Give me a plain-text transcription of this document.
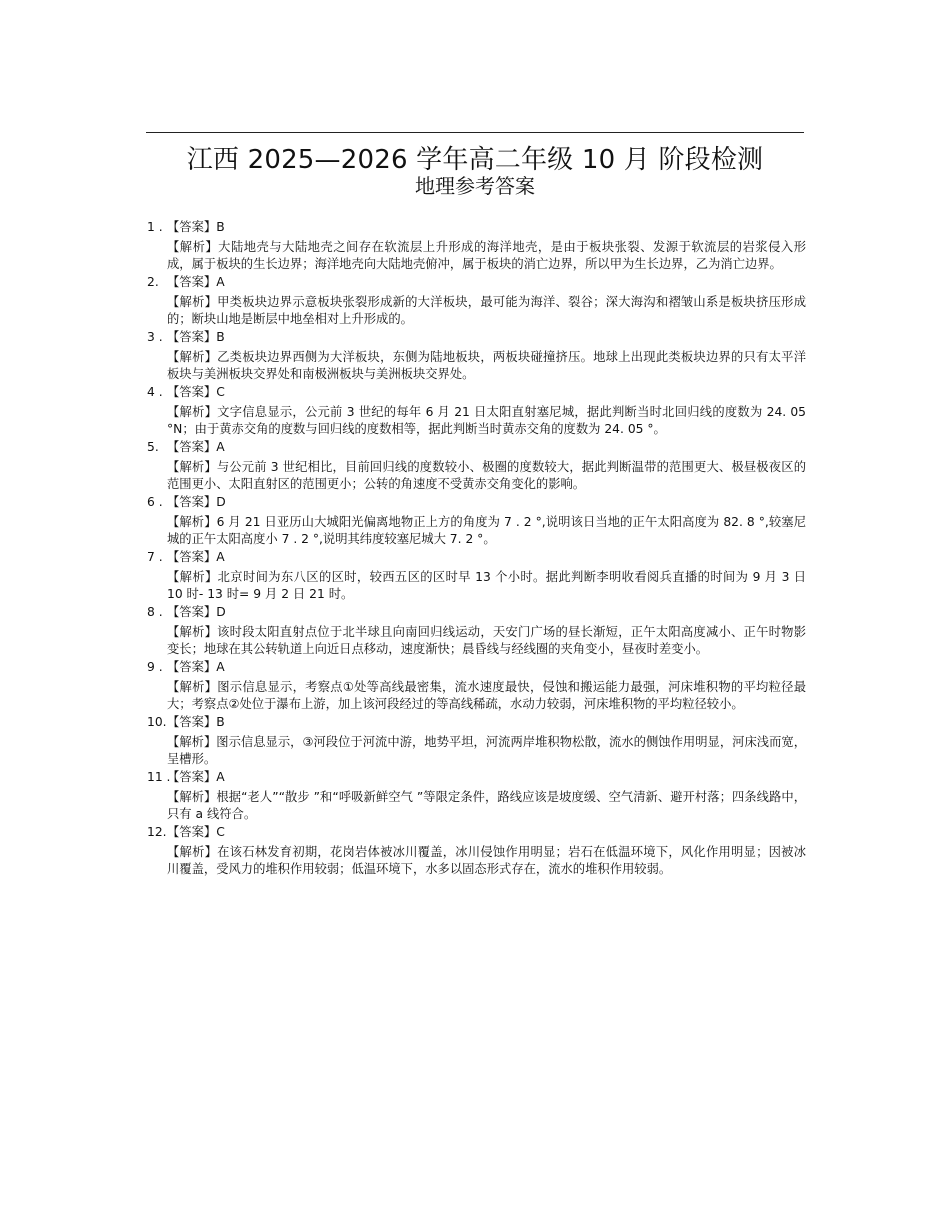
江西 2025—2026 学年高二年级 10 月 阶段检测
地理参考答案
1 . 【答案】B

【解析】大陆地壳与大陆地壳之间存在软流层上升形成的海洋地壳，是由于板块张裂、发源于软流层的岩浆侵入形成，属于板块的生长边界；海洋地壳向大陆地壳俯冲，属于板块的消亡边界，所以甲为生长边界，乙为消亡边界。

2. 【答案】A

【解析】甲类板块边界示意板块张裂形成新的大洋板块，最可能为海洋、裂谷；深大海沟和褶皱山系是板块挤压形成的；断块山地是断层中地垒相对上升形成的。

3 . 【答案】B

【解析】乙类板块边界西侧为大洋板块，东侧为陆地板块，两板块碰撞挤压。地球上出现此类板块边界的只有太平洋板块与美洲板块交界处和南极洲板块与美洲板块交界处。

4 . 【答案】C

【解析】文字信息显示，公元前 3 世纪的每年 6 月 21 日太阳直射塞尼城，据此判断当时北回归线的度数为 24. 05 °N；由于黄赤交角的度数与回归线的度数相等，据此判断当时黄赤交角的度数为 24. 05 °。

5. 【答案】A

【解析】与公元前 3 世纪相比，目前回归线的度数较小、极圈的度数较大，据此判断温带的范围更大、极昼极夜区的范围更小、太阳直射区的范围更小；公转的角速度不受黄赤交角变化的影响。

6 . 【答案】D

【解析】6 月 21 日亚历山大城阳光偏离地物正上方的角度为 7 . 2 °,说明该日当地的正午太阳高度为 82. 8 °,较塞尼城的正午太阳高度小 7 . 2 °,说明其纬度较塞尼城大 7. 2 °。

7 . 【答案】A

【解析】北京时间为东八区的区时，较西五区的区时早 13 个小时。据此判断李明收看阅兵直播的时间为 9 月 3 日 10 时- 13 时= 9 月 2 日 21 时。

8 . 【答案】D

【解析】该时段太阳直射点位于北半球且向南回归线运动，天安门广场的昼长渐短，正午太阳高度减小、正午时物影变长；地球在其公转轨道上向近日点移动，速度渐快；晨昏线与经线圈的夹角变小，昼夜时差变小。

9 . 【答案】A

【解析】图示信息显示，考察点①处等高线最密集，流水速度最快，侵蚀和搬运能力最强，河床堆积物的平均粒径最大；考察点②处位于瀑布上游，加上该河段经过的等高线稀疏，水动力较弱，河床堆积物的平均粒径较小。

10.【答案】B

【解析】图示信息显示，③河段位于河流中游，地势平坦，河流两岸堆积物松散，流水的侧蚀作用明显，河床浅而宽，呈槽形。

11 .【答案】A

【解析】根据“老人”“散步 ”和“呼吸新鲜空气 ”等限定条件，路线应该是坡度缓、空气清新、避开村落；四条线路中，只有 a 线符合。

12.【答案】C

【解析】在该石林发育初期，花岗岩体被冰川覆盖，冰川侵蚀作用明显；岩石在低温环境下，风化作用明显；因被冰川覆盖，受风力的堆积作用较弱；低温环境下，水多以固态形式存在，流水的堆积作用较弱。
